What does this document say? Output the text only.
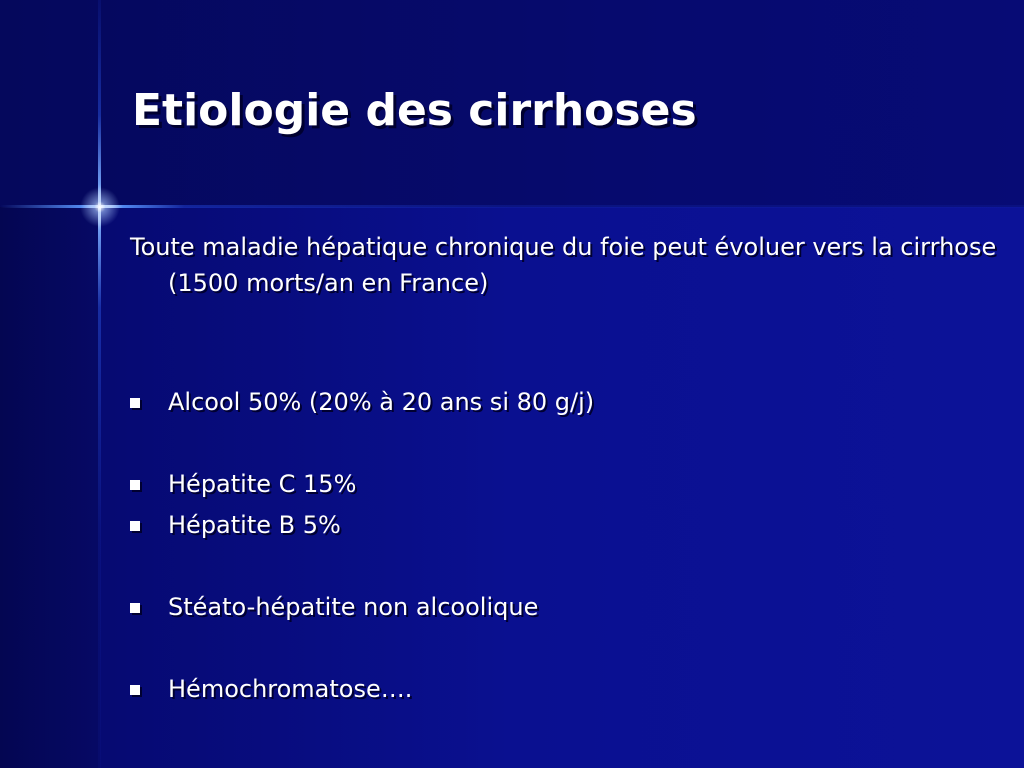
Etiologie des cirrhoses

Toute maladie hépatique chronique du foie peut évoluer vers la cirrhose (1500 morts/an en France)

Alcool 50% (20% à 20 ans si 80 g/j)
Hépatite C 15%
Hépatite B 5%
Stéato-hépatite non alcoolique
Hémochromatose….
